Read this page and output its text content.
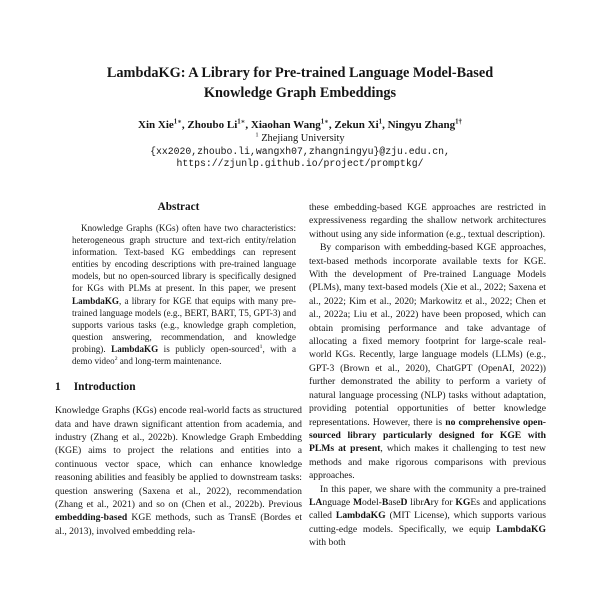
LambdaKG: A Library for Pre-trained Language Model-Based
Knowledge Graph Embeddings
Xin Xie$^{1∗}$, Zhoubo $Li^{1∗}$, Xiaohan Wang$^{1∗}$, Zekun Xi$^1$, Ningyu Zhang$^{1\dagger}$
$^1$ Zhejiang University
{xx2020,zhoubo.li,wangxh07,zhangningyu}@zju.edu.cn,
https://zjunlp.github.io/project/promptkg/
Abstract

Knowledge Graphs (KGs) often have two characteristics: heterogeneous graph structure and text-rich entity/relation information. Text-based KG embeddings can represent entities by encoding descriptions with pre-trained language models, but no open-sourced library is specifically designed for KGs with PLMs at present. In this paper, we present LambdaKG, a library for KGE that equips with many pre-trained language models (e.g., BERT, BART, T5, GPT-3) and supports various tasks (e.g., knowledge graph completion, question answering, recommendation, and knowledge probing). LambdaKG is publicly open-sourced$^1$, with a demo video$^2$ and long-term maintenance.

1 Introduction

Knowledge Graphs (KGs) encode real-world facts as structured data and have drawn significant attention from academia, and industry (Zhang et al., 2022b). Knowledge Graph Embedding (KGE) aims to project the relations and entities into a continuous vector space, which can enhance knowledge reasoning abilities and feasibly be applied to downstream tasks: question answering (Saxena et al., 2022), recommendation (Zhang et al., 2021) and so on (Chen et al., 2022b). Previous embedding-based KGE methods, such as TransE (Bordes et al., 2013), involved embedding rela-

these embedding-based KGE approaches are restricted in expressiveness regarding the shallow network architectures without using any side information (e.g., textual description).

By comparison with embedding-based KGE approaches, text-based methods incorporate available texts for KGE. With the development of Pre-trained Language Models (PLMs), many text-based models (Xie et al., 2022; Saxena et al., 2022; Kim et al., 2020; Markowitz et al., 2022; Chen et al., 2022a; Liu et al., 2022) have been proposed, which can obtain promising performance and take advantage of allocating a fixed memory footprint for large-scale real-world KGs. Recently, large language models (LLMs) (e.g., GPT-3 (Brown et al., 2020), ChatGPT (OpenAI, 2022)) further demonstrated the ability to perform a variety of natural language processing (NLP) tasks without adaptation, providing potential opportunities of better knowledge representations. However, there is no comprehensive open-sourced library particularly designed for KGE with PLMs at present, which makes it challenging to test new methods and make rigorous comparisons with previous approaches.

In this paper, we share with the community a pre-trained LAnguage Model-BaseD librAry for KGEs and applications called LambdaKG (MIT License), which supports various cutting-edge models. Specifically, we equip LambdaKG with both
